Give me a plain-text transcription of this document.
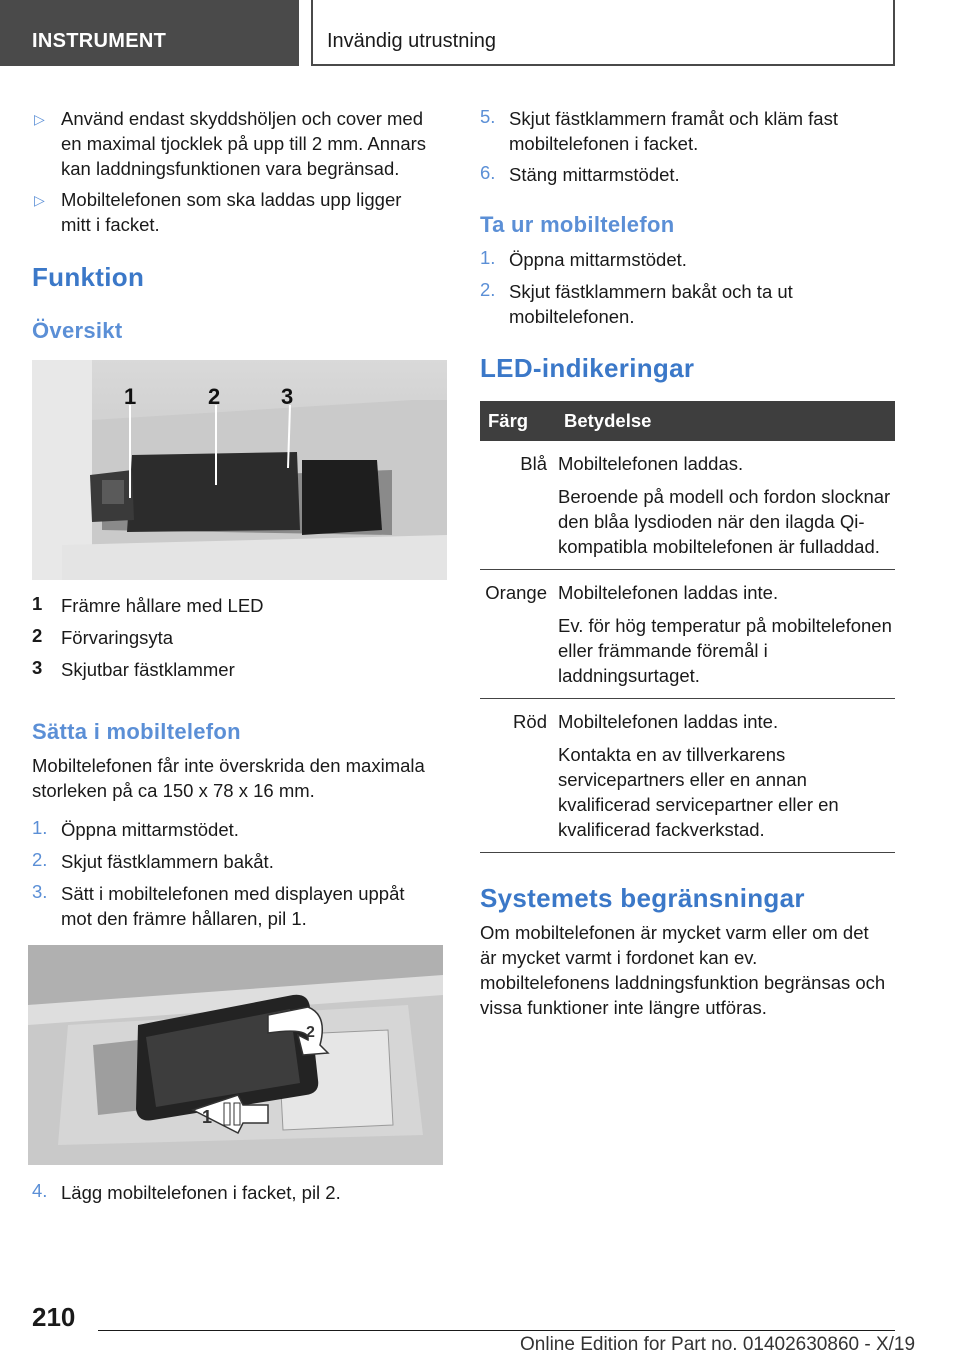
INSTRUMENT	Invändig utrustning
▷ Använd endast skyddshöljen och cover med en maximal tjocklek på upp till 2 mm. Annars kan laddningsfunktionen vara begränsad.

▷ Mobiltelefonen som ska laddas upp ligger mitt i facket.

Funktion
Översikt
1	2	3
1 Främre hållare med LED
2 Förvaringsyta
3 Skjutbar fästklammer
Sätta i mobiltelefon

Mobiltelefonen får inte överskrida den maximala storleken på ca 150 x 78 x 16 mm.

1. Öppna mittarmstödet.
2. Skjut fästklammern bakåt.
3. Sätt i mobiltelefonen med displayen uppåt mot den främre hållaren, pil 1.
1
2
4. Lägg mobiltelefonen i facket, pil 2.
5. Skjut fästklammern framåt och kläm fast mobiltelefonen i facket.
6. Stäng mittarmstödet.
Ta ur mobiltelefon
1. Öppna mittarmstödet.
2. Skjut fästklammern bakåt och ta ut mobiltelefonen.
LED-indikeringar
Färg	Betydelse
Blå	Mobiltelefonen laddas.
Beroende på modell och fordon slocknar den blåa lysdioden när den ilagda Qi-kompatibla mobiltelefonen är fulladdad.

Orange	Mobiltelefonen laddas inte.
Ev. för hög temperatur på mobiltelefonen eller främmande föremål i laddningsurtaget.

Röd	Mobiltelefonen laddas inte.
Kontakta en av tillverkarens servicepartners eller en annan kvalificerad servicepartner eller en kvalificerad fackverkstad.
Systemets begränsningar

Om mobiltelefonen är mycket varm eller om det är mycket varmt i fordonet kan ev. mobiltelefonens laddningsfunktion begränsas och vissa funktioner inte längre utföras.

210
Online Edition for Part no. 01402630860 - X/19
